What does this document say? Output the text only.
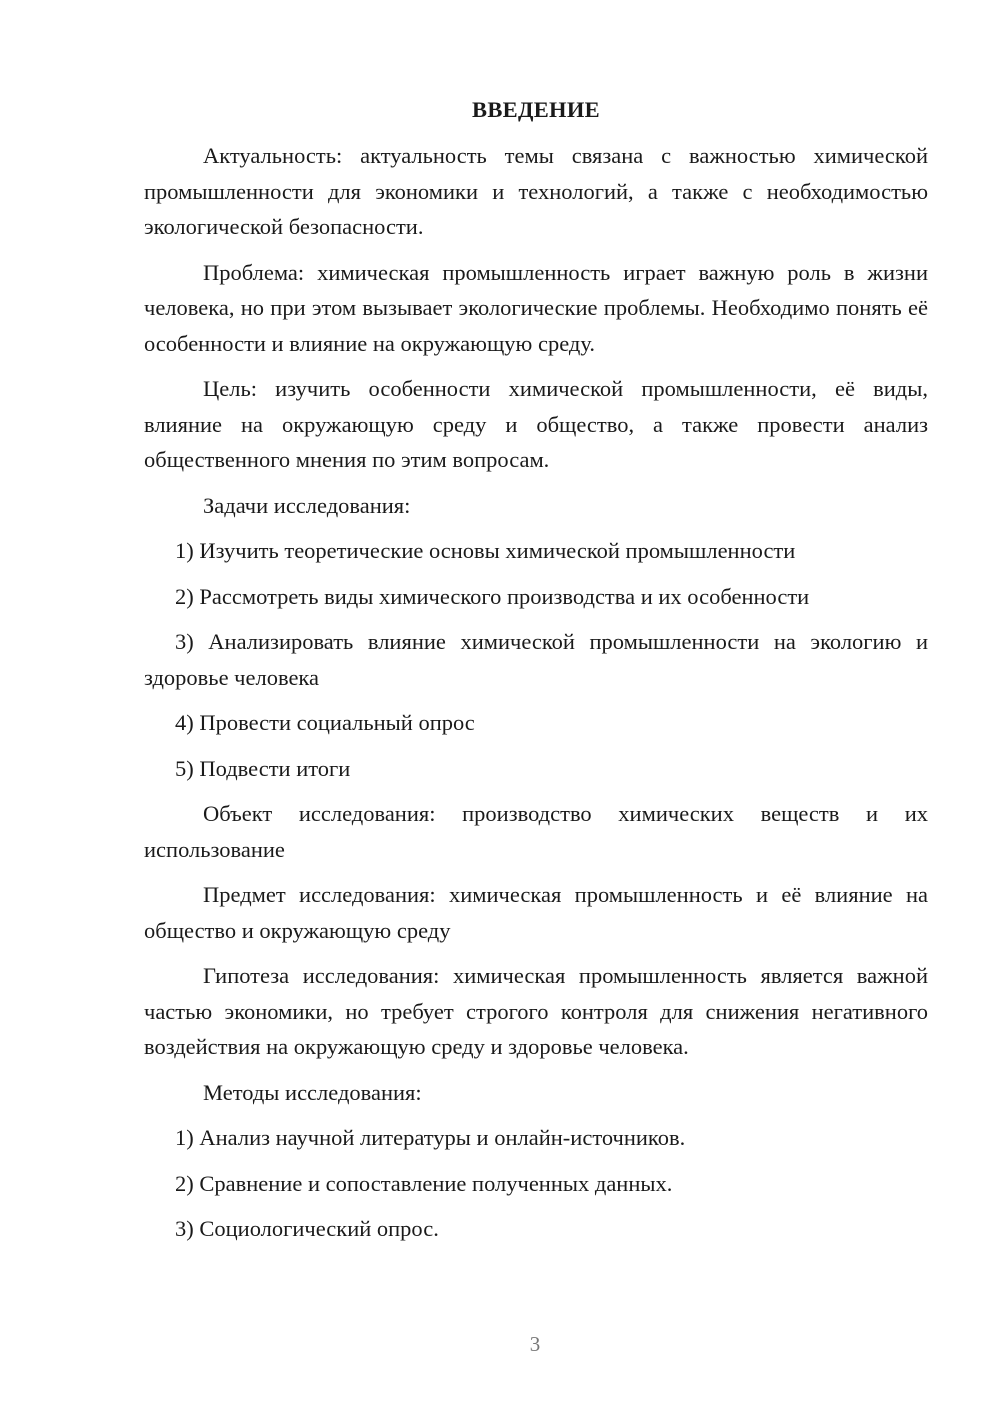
ВВЕДЕНИЕ

Актуальность: актуальность темы связана с важностью химической промышленности для экономики и технологий, а также с необходимостью экологической безопасности.

Проблема: химическая промышленность играет важную роль в жизни человека, но при этом вызывает экологические проблемы. Необходимо понять её особенности и влияние на окружающую среду.

Цель: изучить особенности химической промышленности, её виды, влияние на окружающую среду и общество, а также провести анализ общественного мнения по этим вопросам.

Задачи исследования:

1) Изучить теоретические основы химической промышленности

2) Рассмотреть виды химического производства и их особенности

3) Анализировать влияние химической промышленности на экологию и здоровье человека

4) Провести социальный опрос

5) Подвести итоги

Объект исследования: производство химических веществ и их использование

Предмет исследования: химическая промышленность и её влияние на общество и окружающую среду

Гипотеза исследования: химическая промышленность является важной частью экономики, но требует строгого контроля для снижения негативного воздействия на окружающую среду и здоровье человека.

Методы исследования:

1) Анализ научной литературы и онлайн-источников.

2) Сравнение и сопоставление полученных данных.

3) Социологический опрос.

3
